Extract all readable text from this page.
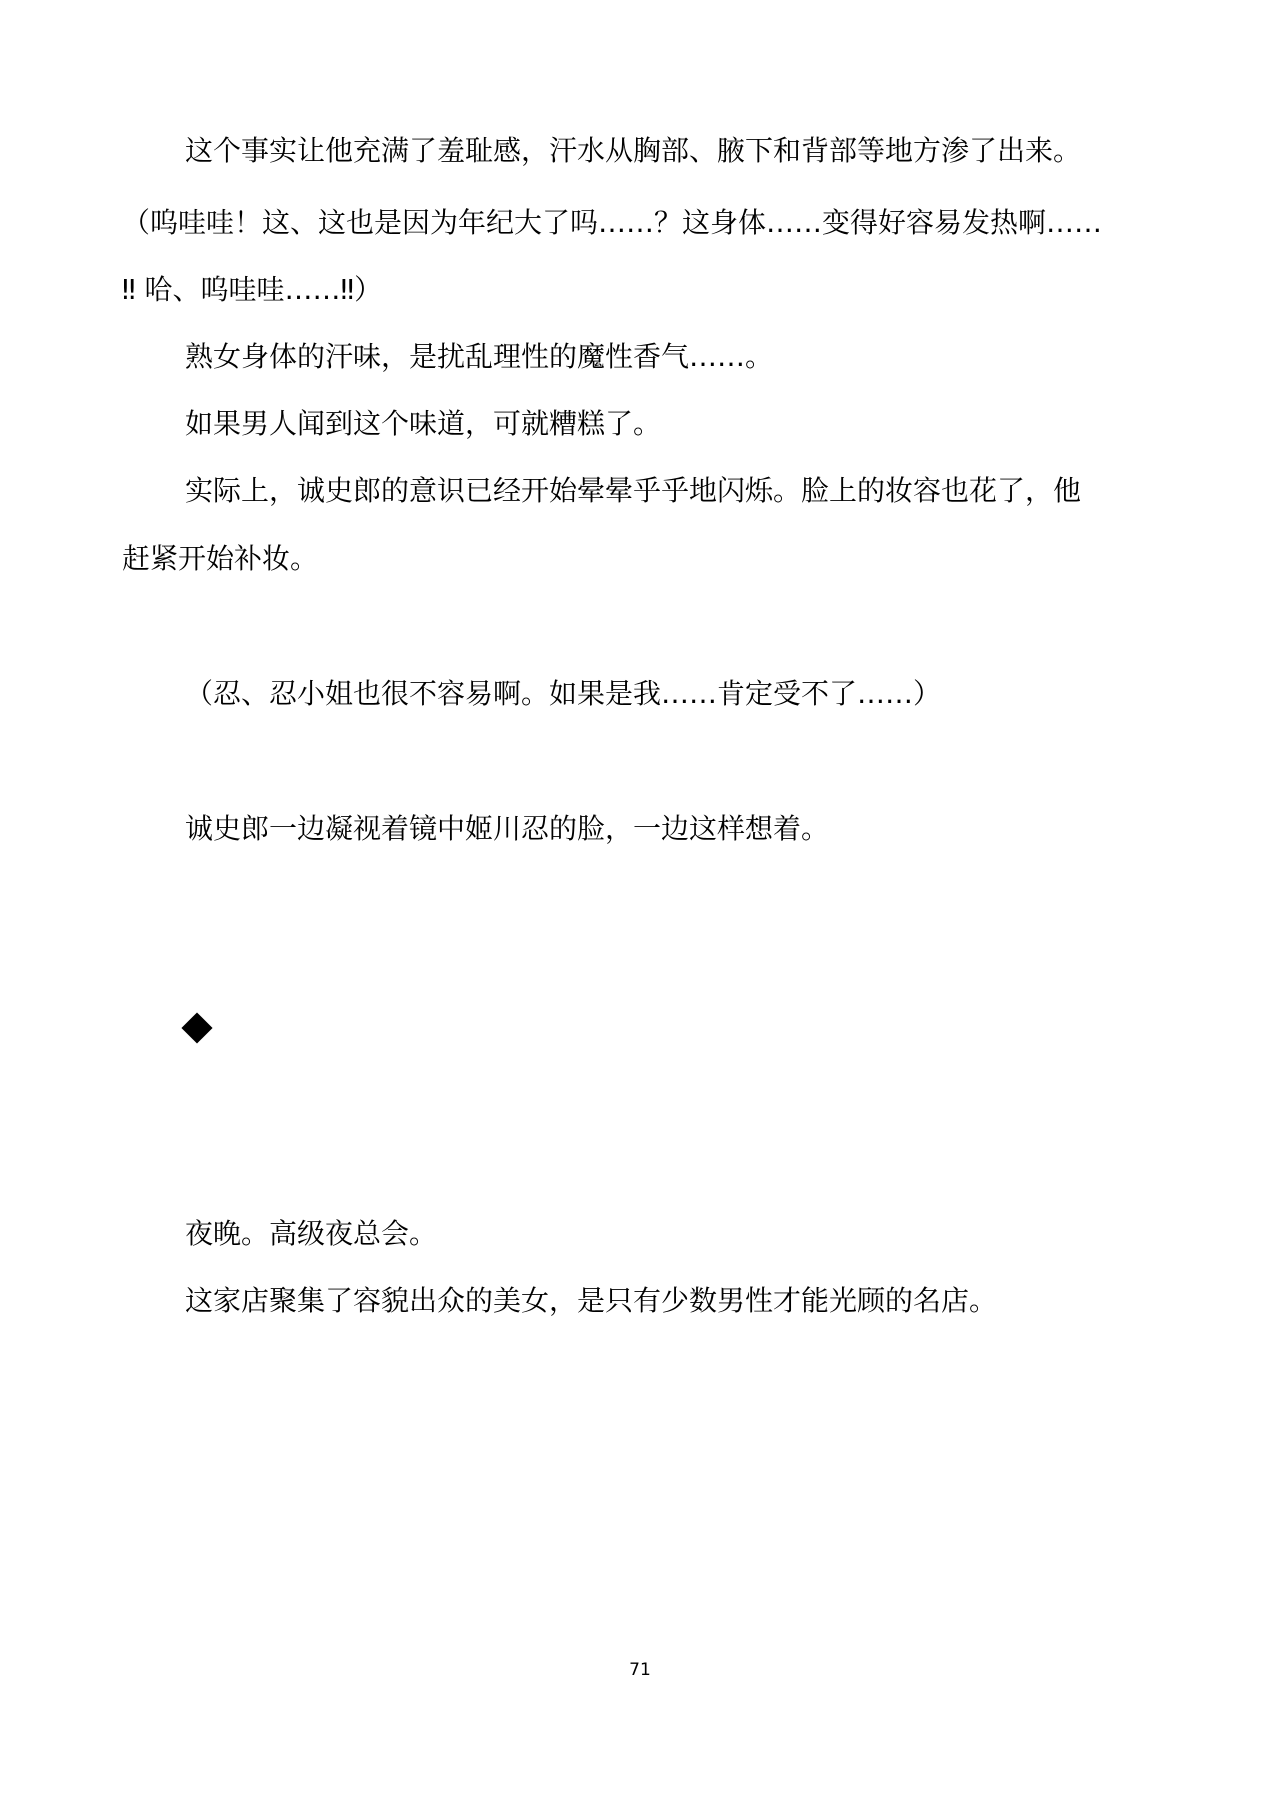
这个事实让他充满了羞耻感，汗水从胸部、腋下和背部等地方渗了出来。
（呜哇哇！这、这也是因为年纪大了吗……？这身体……变得好容易发热啊……
‼ 哈、呜哇哇……‼）
熟女身体的汗味，是扰乱理性的魔性香气……。
如果男人闻到这个味道，可就糟糕了。
实际上，诚史郎的意识已经开始晕晕乎乎地闪烁。脸上的妆容也花了，他
赶紧开始补妆。
（忍、忍小姐也很不容易啊。如果是我……肯定受不了……）
诚史郎一边凝视着镜中姬川忍的脸，一边这样想着。
夜晚。高级夜总会。
这家店聚集了容貌出众的美女，是只有少数男性才能光顾的名店。
71
